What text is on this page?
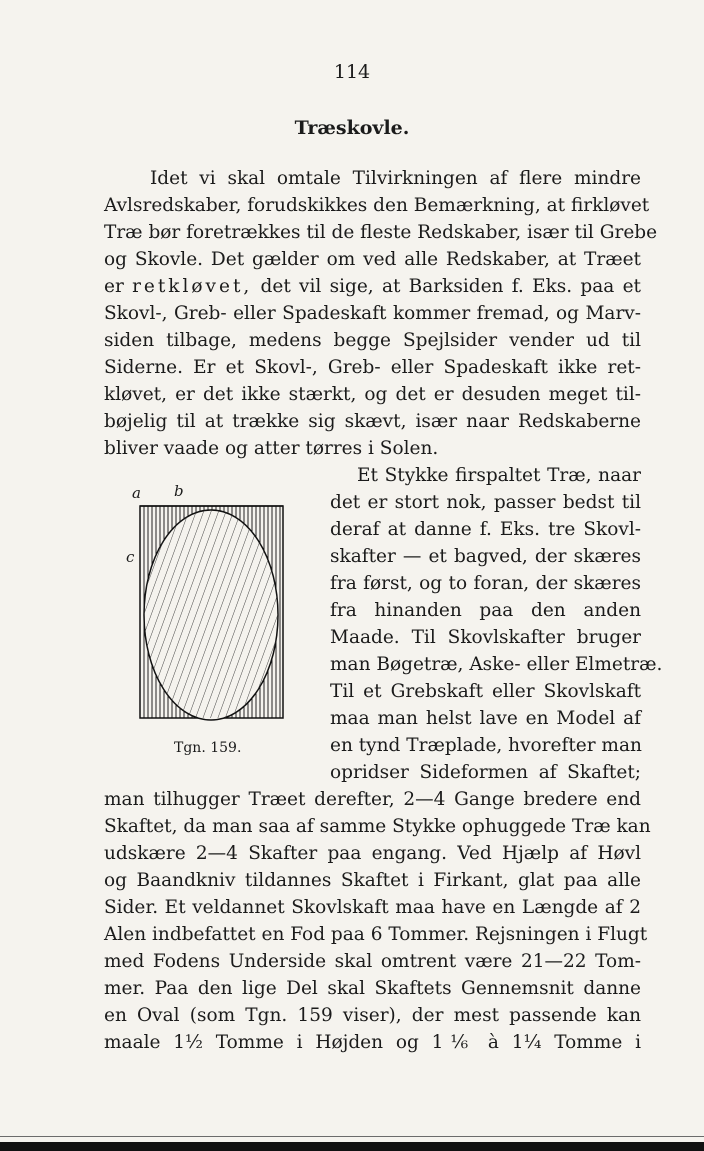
114
Træskovle.
Idet vi skal omtale Tilvirkningen af flere mindre
Avlsredskaber, forudskikkes den Bemærkning, at firkløvet
Træ bør foretrækkes til de fleste Redskaber, især til Grebe
og Skovle. Det gælder om ved alle Redskaber, at Træet
er retkløvet, det vil sige, at Barksiden f. Eks. paa et
Skovl-, Greb- eller Spadeskaft kommer fremad, og Marv-
siden tilbage, medens begge Spejlsider vender ud til
Siderne. Er et Skovl-, Greb- eller Spadeskaft ikke ret-
kløvet, er det ikke stærkt, og det er desuden meget til-
bøjelig til at trække sig skævt, især naar Redskaberne
bliver vaade og atter tørres i Solen.
Et Stykke firspaltet Træ, naar
det er stort nok, passer bedst til
deraf at danne f. Eks. tre Skovl-
skafter — et bagved, der skæres
fra først, og to foran, der skæres
fra hinanden paa den anden
Maade. Til Skovlskafter bruger
man Bøgetræ, Aske- eller Elmetræ.
Til et Grebskaft eller Skovlskaft
maa man helst lave en Model af
en tynd Træplade, hvorefter man
opridser Sideformen af Skaftet;
man tilhugger Træet derefter, 2—4 Gange bredere end
Skaftet, da man saa af samme Stykke ophuggede Træ kan
udskære 2—4 Skafter paa engang. Ved Hjælp af Høvl
og Baandkniv tildannes Skaftet i Firkant, glat paa alle
Sider. Et veldannet Skovlskaft maa have en Længde af 2
Alen indbefattet en Fod paa 6 Tommer. Rejsningen i Flugt
med Fodens Underside skal omtrent være 21—22 Tom-
mer. Paa den lige Del skal Skaftets Gennemsnit danne
en Oval (som Tgn. 159 viser), der mest passende kan
maale 1½ Tomme i Højden og 1⅙ à 1¼ Tomme i
a b
c
Tgn. 159.
